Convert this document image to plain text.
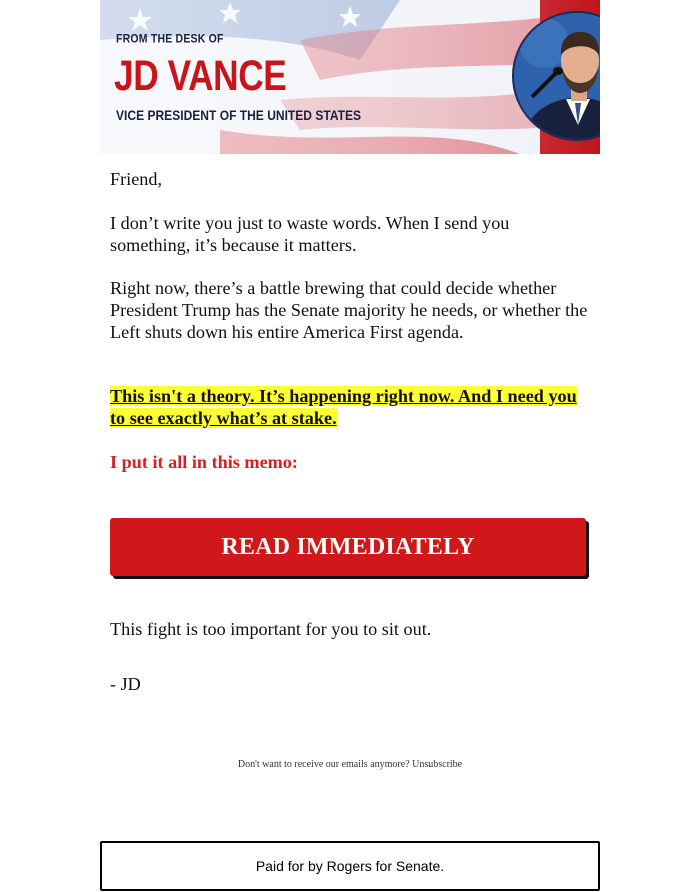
FROM THE DESK OF
JD VANCE
VICE PRESIDENT OF THE UNITED STATES

Friend,

I don’t write you just to waste words. When I send you something, it’s because it matters.

Right now, there’s a battle brewing that could decide whether President Trump has the Senate majority he needs, or whether the Left shuts down his entire America First agenda.

This isn't a theory. It’s happening right now. And I need you to see exactly what’s at stake.

I put it all in this memo:

READ IMMEDIATELY

This fight is too important for you to sit out.

- JD

Don't want to receive our emails anymore? Unsubscribe
Paid for by Rogers for Senate.
